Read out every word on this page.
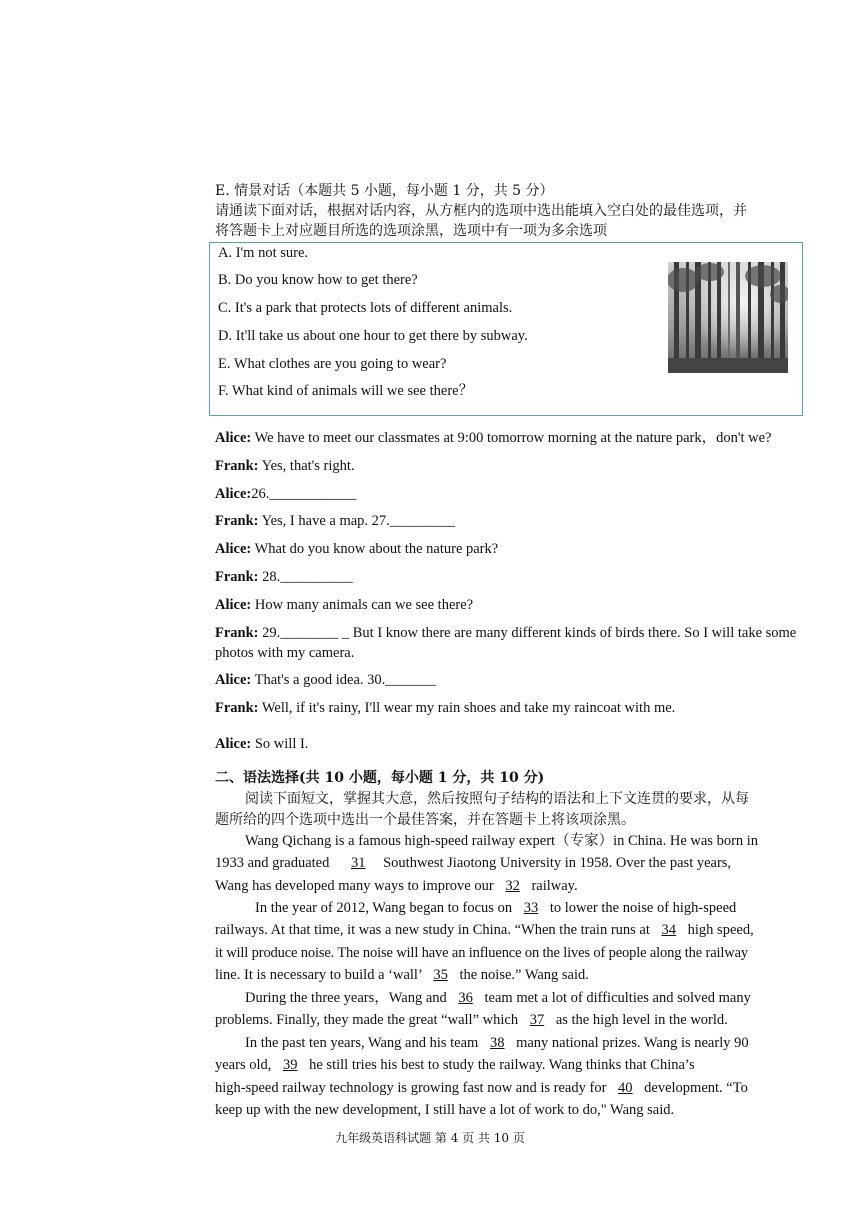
E. 情景对话（本题共 5 小题，每小题 1 分，共 5 分）
请通读下面对话，根据对话内容，从方框内的选项中选出能填入空白处的最佳选项，并
将答题卡上对应题目所选的选项涂黑，选项中有一项为多余选项
A. I'm not sure.
B. Do you know how to get there?
C. It's a park that protects lots of different animals.
D. It'll take us about one hour to get there by subway.
E. What clothes are you going to wear?
F. What kind of animals will we see there？
Alice: We have to meet our classmates at 9:00 tomorrow morning at the nature park，don't we?
Frank: Yes, that's right.
Alice:26.____________
Frank: Yes, I have a map. 27._________
Alice: What do you know about the nature park?
Frank: 28.__________
Alice: How many animals can we see there?
Frank: 29.________ _ But I know there are many different kinds of birds there. So I will take some photos with my camera.
Alice: That's a good idea. 30._______
Frank: Well, if it's rainy, I'll wear my rain shoes and take my raincoat with me.
Alice: So will I.
二、语法选择(共 10 小题，每小题 1 分，共 10 分)
阅读下面短文，掌握其大意，然后按照句子结构的语法和上下文连贯的要求，从每
题所给的四个选项中选出一个最佳答案，并在答题卡上将该项涂黑。
Wang Qichang is a famous high-speed railway expert（专家）in China. He was born in
1933 and graduated 31 Southwest Jiaotong University in 1958. Over the past years,
Wang has developed many ways to improve our 32 railway.
In the year of 2012, Wang began to focus on 33 to lower the noise of high-speed
railways. At that time, it was a new study in China. “When the train runs at 34 high speed,
it will produce noise. The noise will have an influence on the lives of people along the railway
line. It is necessary to build a ‘wall’ 35 the noise.” Wang said.
During the three years，Wang and 36 team met a lot of difficulties and solved many
problems. Finally, they made the great “wall” which 37 as the high level in the world.
In the past ten years, Wang and his team 38 many national prizes. Wang is nearly 90
years old, 39 he still tries his best to study the railway. Wang thinks that China’s
high-speed railway technology is growing fast now and is ready for 40 development. “To
keep up with the new development, I still have a lot of work to do," Wang said.
九年级英语科试题 第 4 页 共 10 页
